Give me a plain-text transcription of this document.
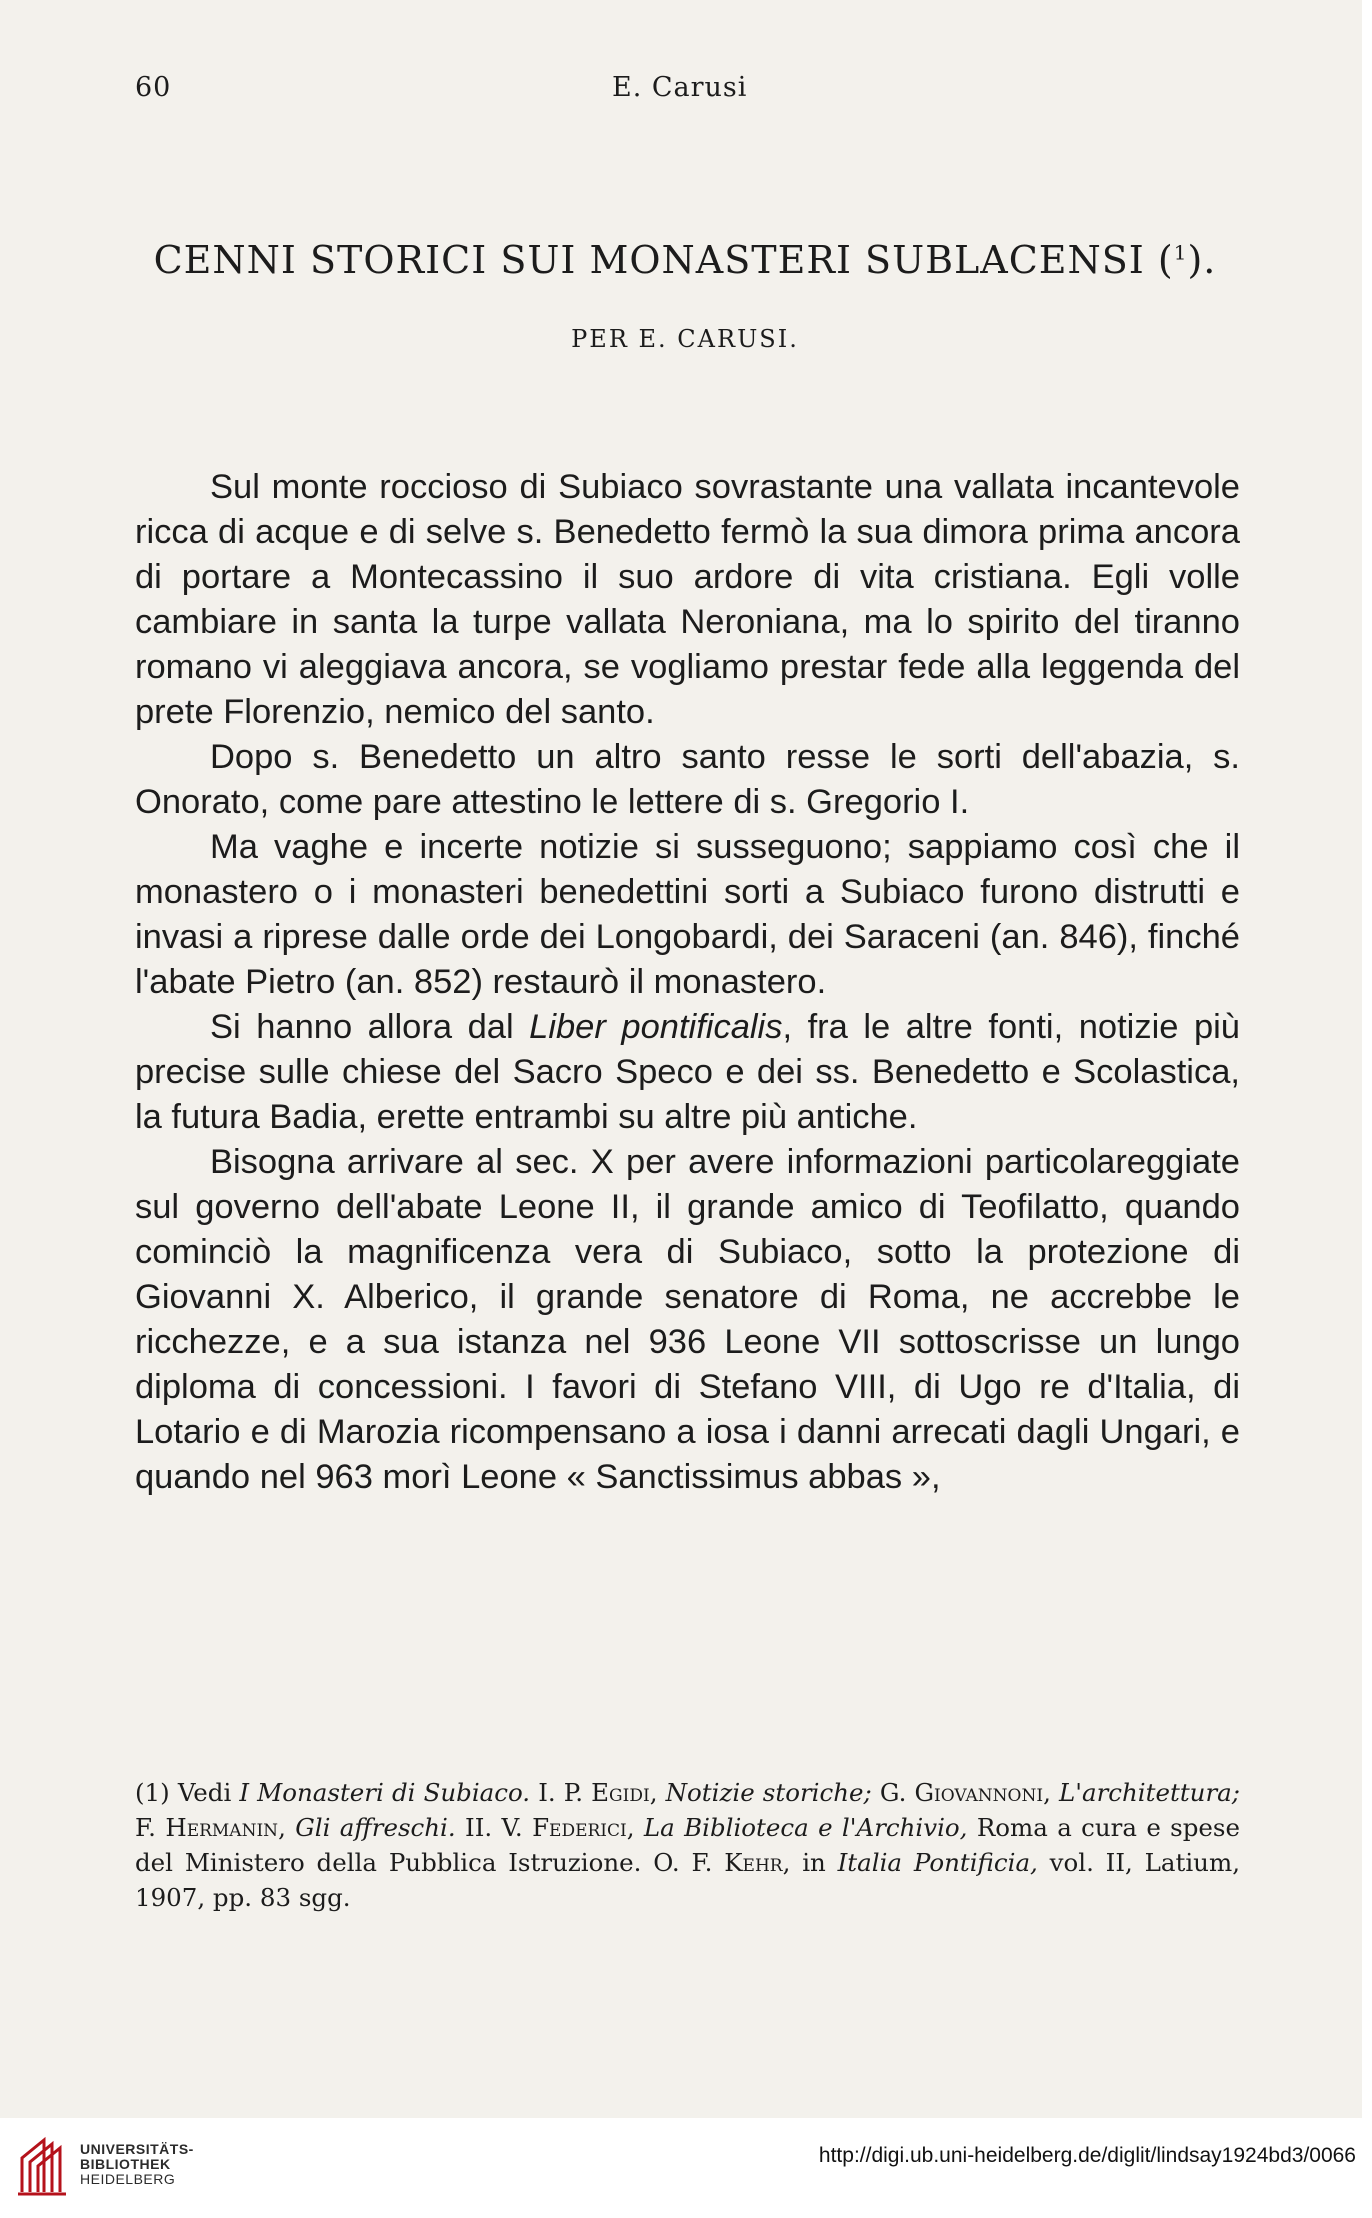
60	E. Carusi
CENNI STORICI SUI MONASTERI SUBLACENSI ($^1$).
PER E. CARUSI.

Sul monte roccioso di Subiaco sovrastante una vallata incantevole ricca di acque e di selve s. Benedetto fermò la sua dimora prima ancora di portare a Montecassino il suo ardore di vita cristiana. Egli volle cambiare in santa la turpe vallata Neroniana, ma lo spirito del tiranno romano vi aleggiava ancora, se vogliamo prestar fede alla leggenda del prete Florenzio, nemico del santo.

Dopo s. Benedetto un altro santo resse le sorti dell'abazia, s. Onorato, come pare attestino le lettere di s. Gregorio I.

Ma vaghe e incerte notizie si susseguono; sappiamo così che il monastero o i monasteri benedettini sorti a Subiaco furono distrutti e invasi a riprese dalle orde dei Longobardi, dei Saraceni (an. 846), finché l'abate Pietro (an. 852) restaurò il monastero.

Si hanno allora dal Liber pontificalis, fra le altre fonti, notizie più precise sulle chiese del Sacro Speco e dei ss. Benedetto e Scolastica, la futura Badia, erette entrambi su altre più antiche.

Bisogna arrivare al sec. X per avere informazioni particolareggiate sul governo dell'abate Leone II, il grande amico di Teofilatto, quando cominciò la magnificenza vera di Subiaco, sotto la protezione di Giovanni X. Alberico, il grande senatore di Roma, ne accrebbe le ricchezze, e a sua istanza nel 936 Leone VII sottoscrisse un lungo diploma di concessioni. I favori di Stefano VIII, di Ugo re d'Italia, di Lotario e di Marozia ricompensano a iosa i danni arrecati dagli Ungari, e quando nel 963 morì Leone « Sanctissimus abbas »,

(1) Vedi I Monasteri di Subiaco. I. P. Egidi, Notizie storiche; G. Giovannoni, L'architettura; F. Hermanin, Gli affreschi. II. V. Federici, La Biblioteca e l'Archivio, Roma a cura e spese del Ministero della Pubblica Istruzione. O. F. Kehr, in Italia Pontificia, vol. II, Latium, 1907, pp. 83 sgg.

UNIVERSITÄTS-
BIBLIOTHEK
HEIDELBERG
http://digi.ub.uni-heidelberg.de/diglit/lindsay1924bd3/0066
